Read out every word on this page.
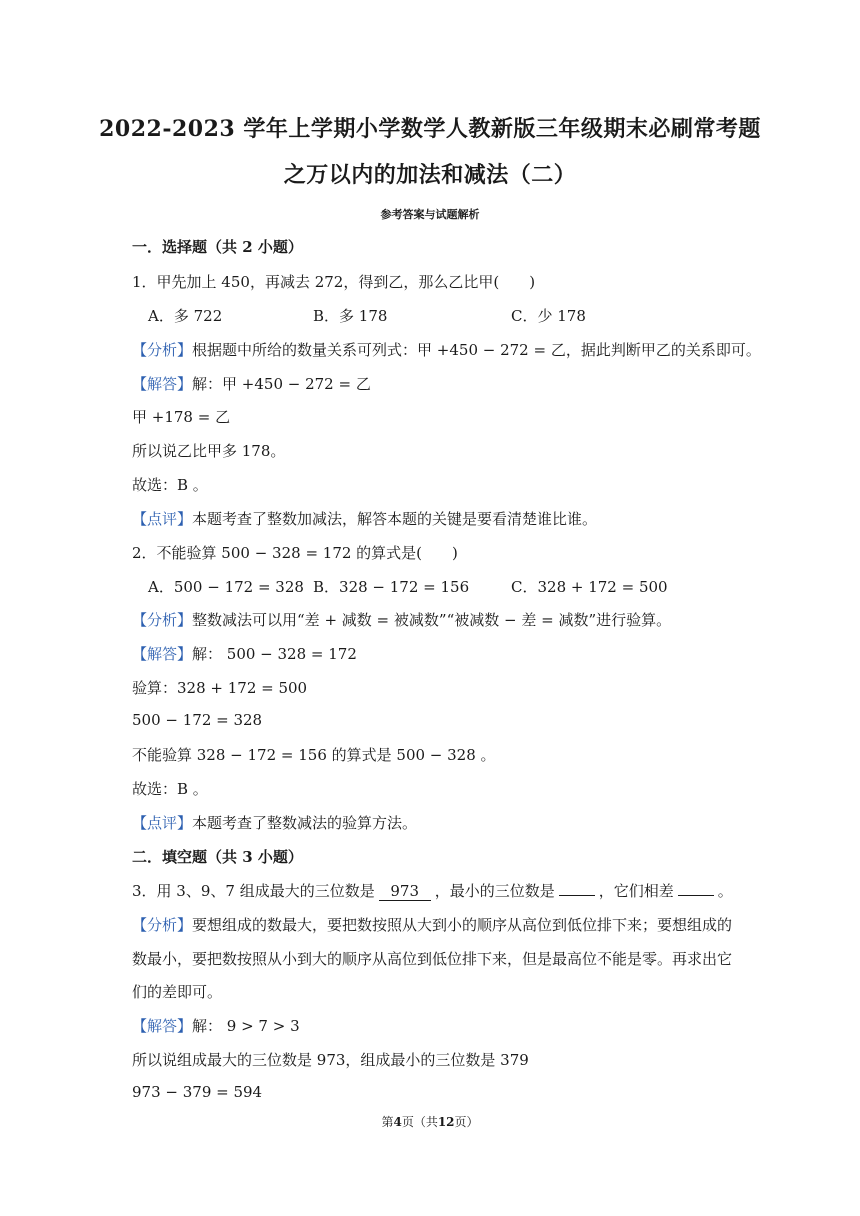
2022-2023 学年上学期小学数学人教新版三年级期末必刷常考题
之万以内的加法和减法（二）
参考答案与试题解析
一．选择题（共 2 小题）
1．甲先加上 450，再减去 272，得到乙，那么乙比甲(　　)
A．多 722	B．多 178	C．少 178
【分析】根据题中所给的数量关系可列式：甲 +450 − 272 = 乙，据此判断甲乙的关系即可。
【解答】解：甲 +450 − 272 = 乙
甲 +178 = 乙
所以说乙比甲多 178。
故选：B 。
【点评】本题考查了整数加减法，解答本题的关键是要看清楚谁比谁。
2．不能验算 500 − 328 = 172 的算式是(　　)
A．500 − 172 = 328 B．328 − 172 = 156	C．328 + 172 = 500
【分析】整数减法可以用“差 + 减数 = 被减数”“被减数 − 差 = 减数”进行验算。
【解答】解： 500 − 328 = 172
验算：328 + 172 = 500
500 − 172 = 328
不能验算 328 − 172 = 156 的算式是 500 − 328 。
故选：B 。
【点评】本题考查了整数减法的验算方法。
二．填空题（共 3 小题）
3．用 3、9、7 组成最大的三位数是 973 ，最小的三位数是	，它们相差	。
【分析】要想组成的数最大，要把数按照从大到小的顺序从高位到低位排下来；要想组成的
数最小，要把数按照从小到大的顺序从高位到低位排下来，但是最高位不能是零。再求出它
们的差即可。
【解答】解： 9 > 7 > 3
所以说组成最大的三位数是 973，组成最小的三位数是 379
973 − 379 = 594
第4页（共12页）
